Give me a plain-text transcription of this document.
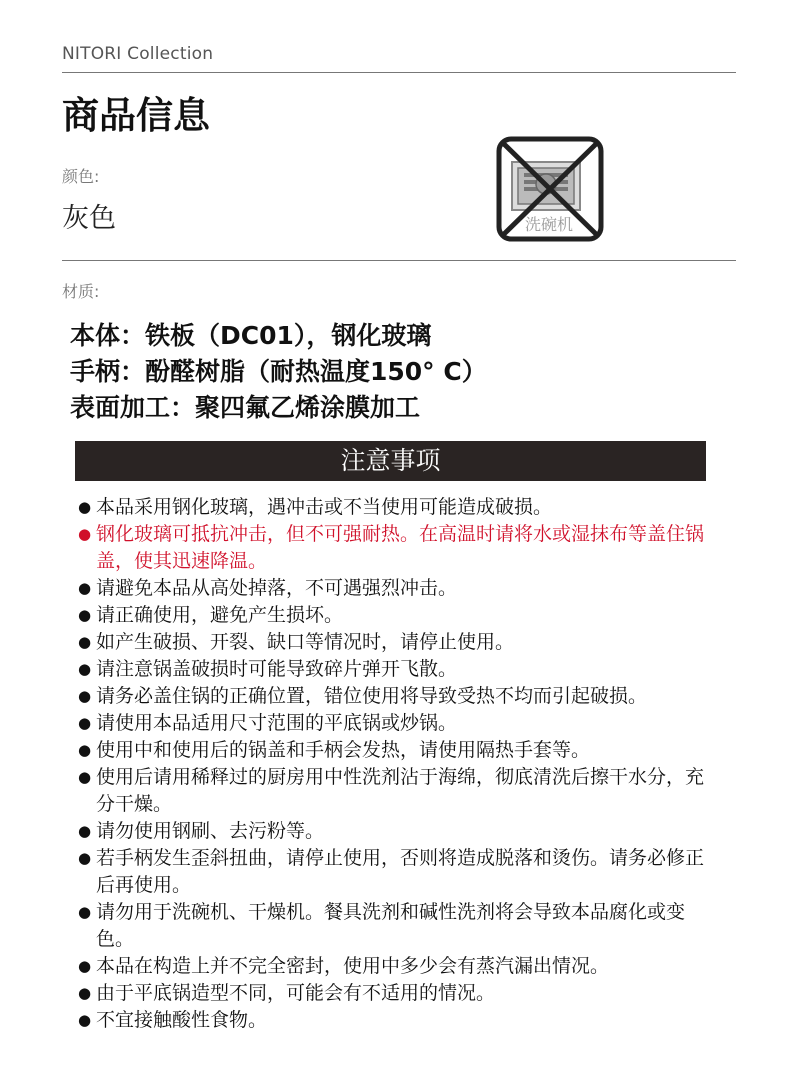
NITORI Collection
商品信息
颜色:
灰色	洗碗机
材质:
本体：铁板（DC01），钢化玻璃
手柄：酚醛树脂（耐热温度150° C）
表面加工：聚四氟乙烯涂膜加工
注意事项
● 本品采用钢化玻璃，遇冲击或不当使用可能造成破损。
● 钢化玻璃可抵抗冲击，但不可强耐热。在高温时请将水或湿抹布等盖住锅盖，使其迅速降温。
● 请避免本品从高处掉落，不可遇强烈冲击。
● 请正确使用，避免产生损坏。
● 如产生破损、开裂、缺口等情况时，请停止使用。
● 请注意锅盖破损时可能导致碎片弹开飞散。
● 请务必盖住锅的正确位置，错位使用将导致受热不均而引起破损。
● 请使用本品适用尺寸范围的平底锅或炒锅。
● 使用中和使用后的锅盖和手柄会发热，请使用隔热手套等。
● 使用后请用稀释过的厨房用中性洗剂沾于海绵，彻底清洗后擦干水分，充分干燥。
● 请勿使用钢刷、去污粉等。
● 若手柄发生歪斜扭曲，请停止使用，否则将造成脱落和烫伤。请务必修正后再使用。
● 请勿用于洗碗机、干燥机。餐具洗剂和碱性洗剂将会导致本品腐化或变色。
● 本品在构造上并不完全密封，使用中多少会有蒸汽漏出情况。
● 由于平底锅造型不同，可能会有不适用的情况。
● 不宜接触酸性食物。
